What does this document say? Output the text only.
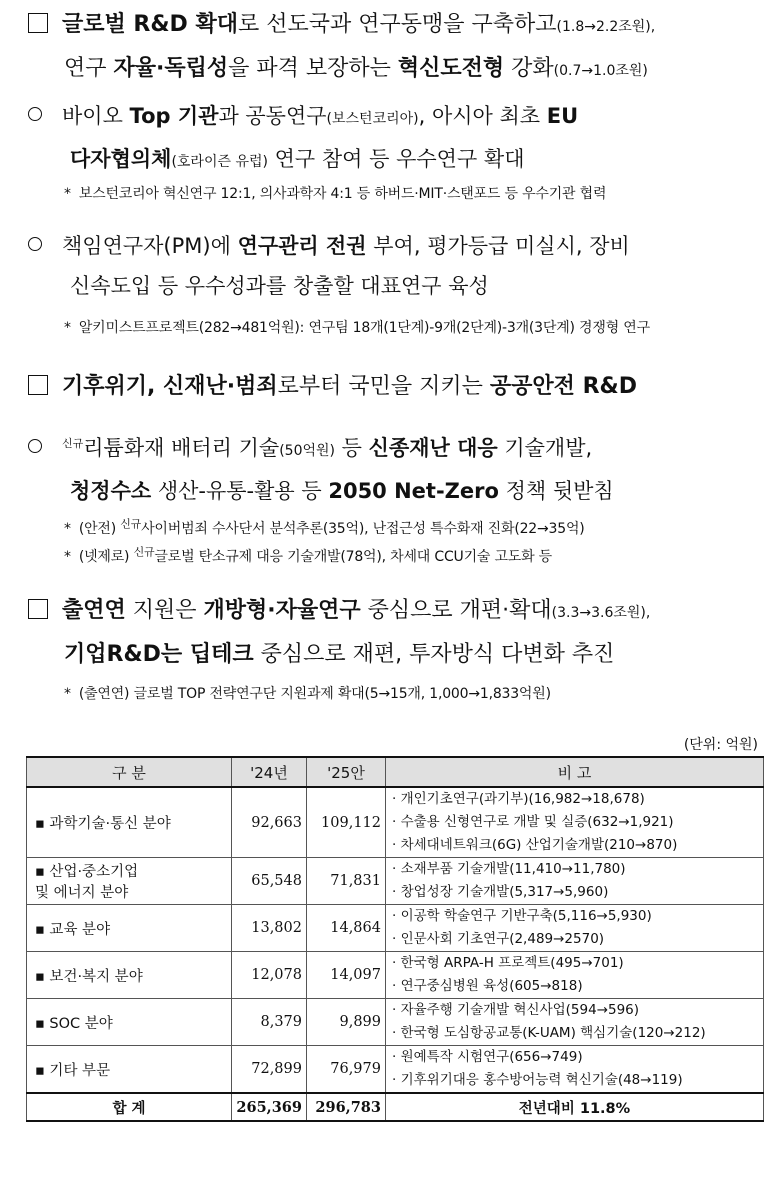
글로벌 R&D 확대로 선도국과 연구동맹을 구축하고(1.8→2.2조원),
연구 자율·독립성을 파격 보장하는 혁신도전형 강화(0.7→1.0조원)
바이오 Top 기관과 공동연구(보스턴코리아), 아시아 최초 EU
다자협의체(호라이즌 유럽) 연구 참여 등 우수연구 확대
* 보스턴코리아 혁신연구 12:1, 의사과학자 4:1 등 하버드·MIT·스탠포드 등 우수기관 협력
책임연구자(PM)에 연구관리 전권 부여, 평가등급 미실시, 장비
신속도입 등 우수성과를 창출할 대표연구 육성
* 알키미스트프로젝트(282→481억원): 연구팀 18개(1단계)-9개(2단계)-3개(3단계) 경쟁형 연구
기후위기, 신재난·범죄로부터 국민을 지키는 공공안전 R&D
$^{신규}$리튬화재 배터리 기술(50억원) 등 신종재난 대응 기술개발,
청정수소 생산-유통-활용 등 2050 Net-Zero 정책 뒷받침
* (안전) $^{신규}$사이버범죄 수사단서 분석추론(35억), 난접근성 특수화재 진화(22→35억)
* (넷제로) $^{신규}$글로벌 탄소규제 대응 기술개발(78억), 차세대 CCU기술 고도화 등
출연연 지원은 개방형·자율연구 중심으로 개편·확대(3.3→3.6조원),
기업R&D는 딥테크 중심으로 재편, 투자방식 다변화 추진
* (출연연) 글로벌 TOP 전략연구단 지원과제 확대(5→15개, 1,000→1,833억원)
(단위: 억원)
구 분	'24년	'25안	비 고
▪ 과학기술·통신 분야	92,663	109,112	· 개인기초연구(과기부)(16,982→18,678)
· 수출용 신형연구로 개발 및 실증(632→1,921)
· 차세대네트워크(6G) 산업기술개발(210→870)

▪ 산업·중소기업
및 에너지 분야	65,548	71,831	· 소재부품 기술개발(11,410→11,780)
· 창업성장 기술개발(5,317→5,960)

▪ 교육 분야	13,802	14,864	· 이공학 학술연구 기반구축(5,116→5,930)
· 인문사회 기초연구(2,489→2570)

▪ 보건·복지 분야	12,078	14,097	· 한국형 ARPA-H 프로젝트(495→701)
· 연구중심병원 육성(605→818)

▪ SOC 분야	8,379	9,899	· 자율주행 기술개발 혁신사업(594→596)
· 한국형 도심항공교통(K-UAM) 핵심기술(120→212)

▪ 기타 부문	72,899	76,979	· 원예특작 시험연구(656→749)
· 기후위기대응 홍수방어능력 혁신기술(48→119)

합 계	265,369	296,783	전년대비 11.8%
